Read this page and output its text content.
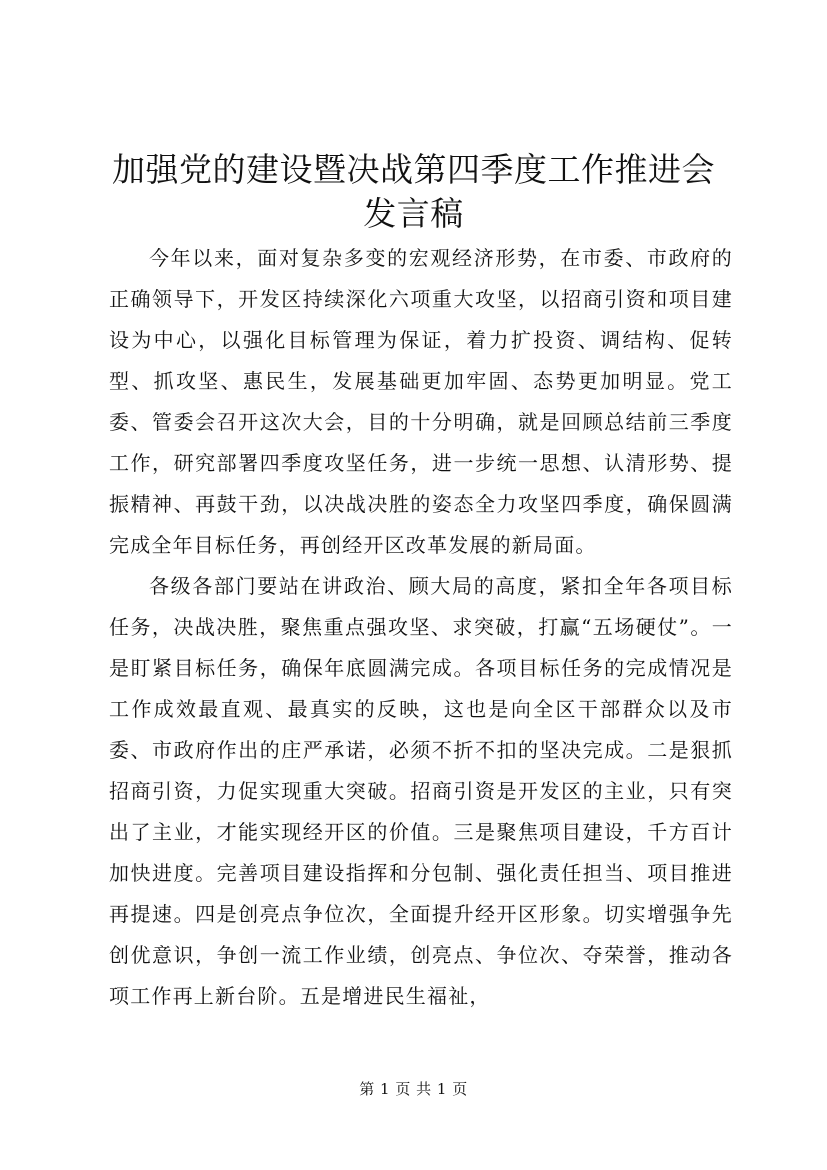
加强党的建设暨决战第四季度工作推进会发言稿

今年以来，面对复杂多变的宏观经济形势，在市委、市政府的正确领导下，开发区持续深化六项重大攻坚，以招商引资和项目建设为中心，以强化目标管理为保证，着力扩投资、调结构、促转型、抓攻坚、惠民生，发展基础更加牢固、态势更加明显。党工委、管委会召开这次大会，目的十分明确，就是回顾总结前三季度工作，研究部署四季度攻坚任务，进一步统一思想、认清形势、提振精神、再鼓干劲，以决战决胜的姿态全力攻坚四季度，确保圆满完成全年目标任务，再创经开区改革发展的新局面。

各级各部门要站在讲政治、顾大局的高度，紧扣全年各项目标任务，决战决胜，聚焦重点强攻坚、求突破，打赢“五场硬仗”。一是盯紧目标任务，确保年底圆满完成。各项目标任务的完成情况是工作成效最直观、最真实的反映，这也是向全区干部群众以及市委、市政府作出的庄严承诺，必须不折不扣的坚决完成。二是狠抓招商引资，力促实现重大突破。招商引资是开发区的主业，只有突出了主业，才能实现经开区的价值。三是聚焦项目建设，千方百计加快进度。完善项目建设指挥和分包制、强化责任担当、项目推进再提速。四是创亮点争位次，全面提升经开区形象。切实增强争先创优意识，争创一流工作业绩，创亮点、争位次、夺荣誉，推动各项工作再上新台阶。五是增进民生福祉，

第 1 页 共 1 页
